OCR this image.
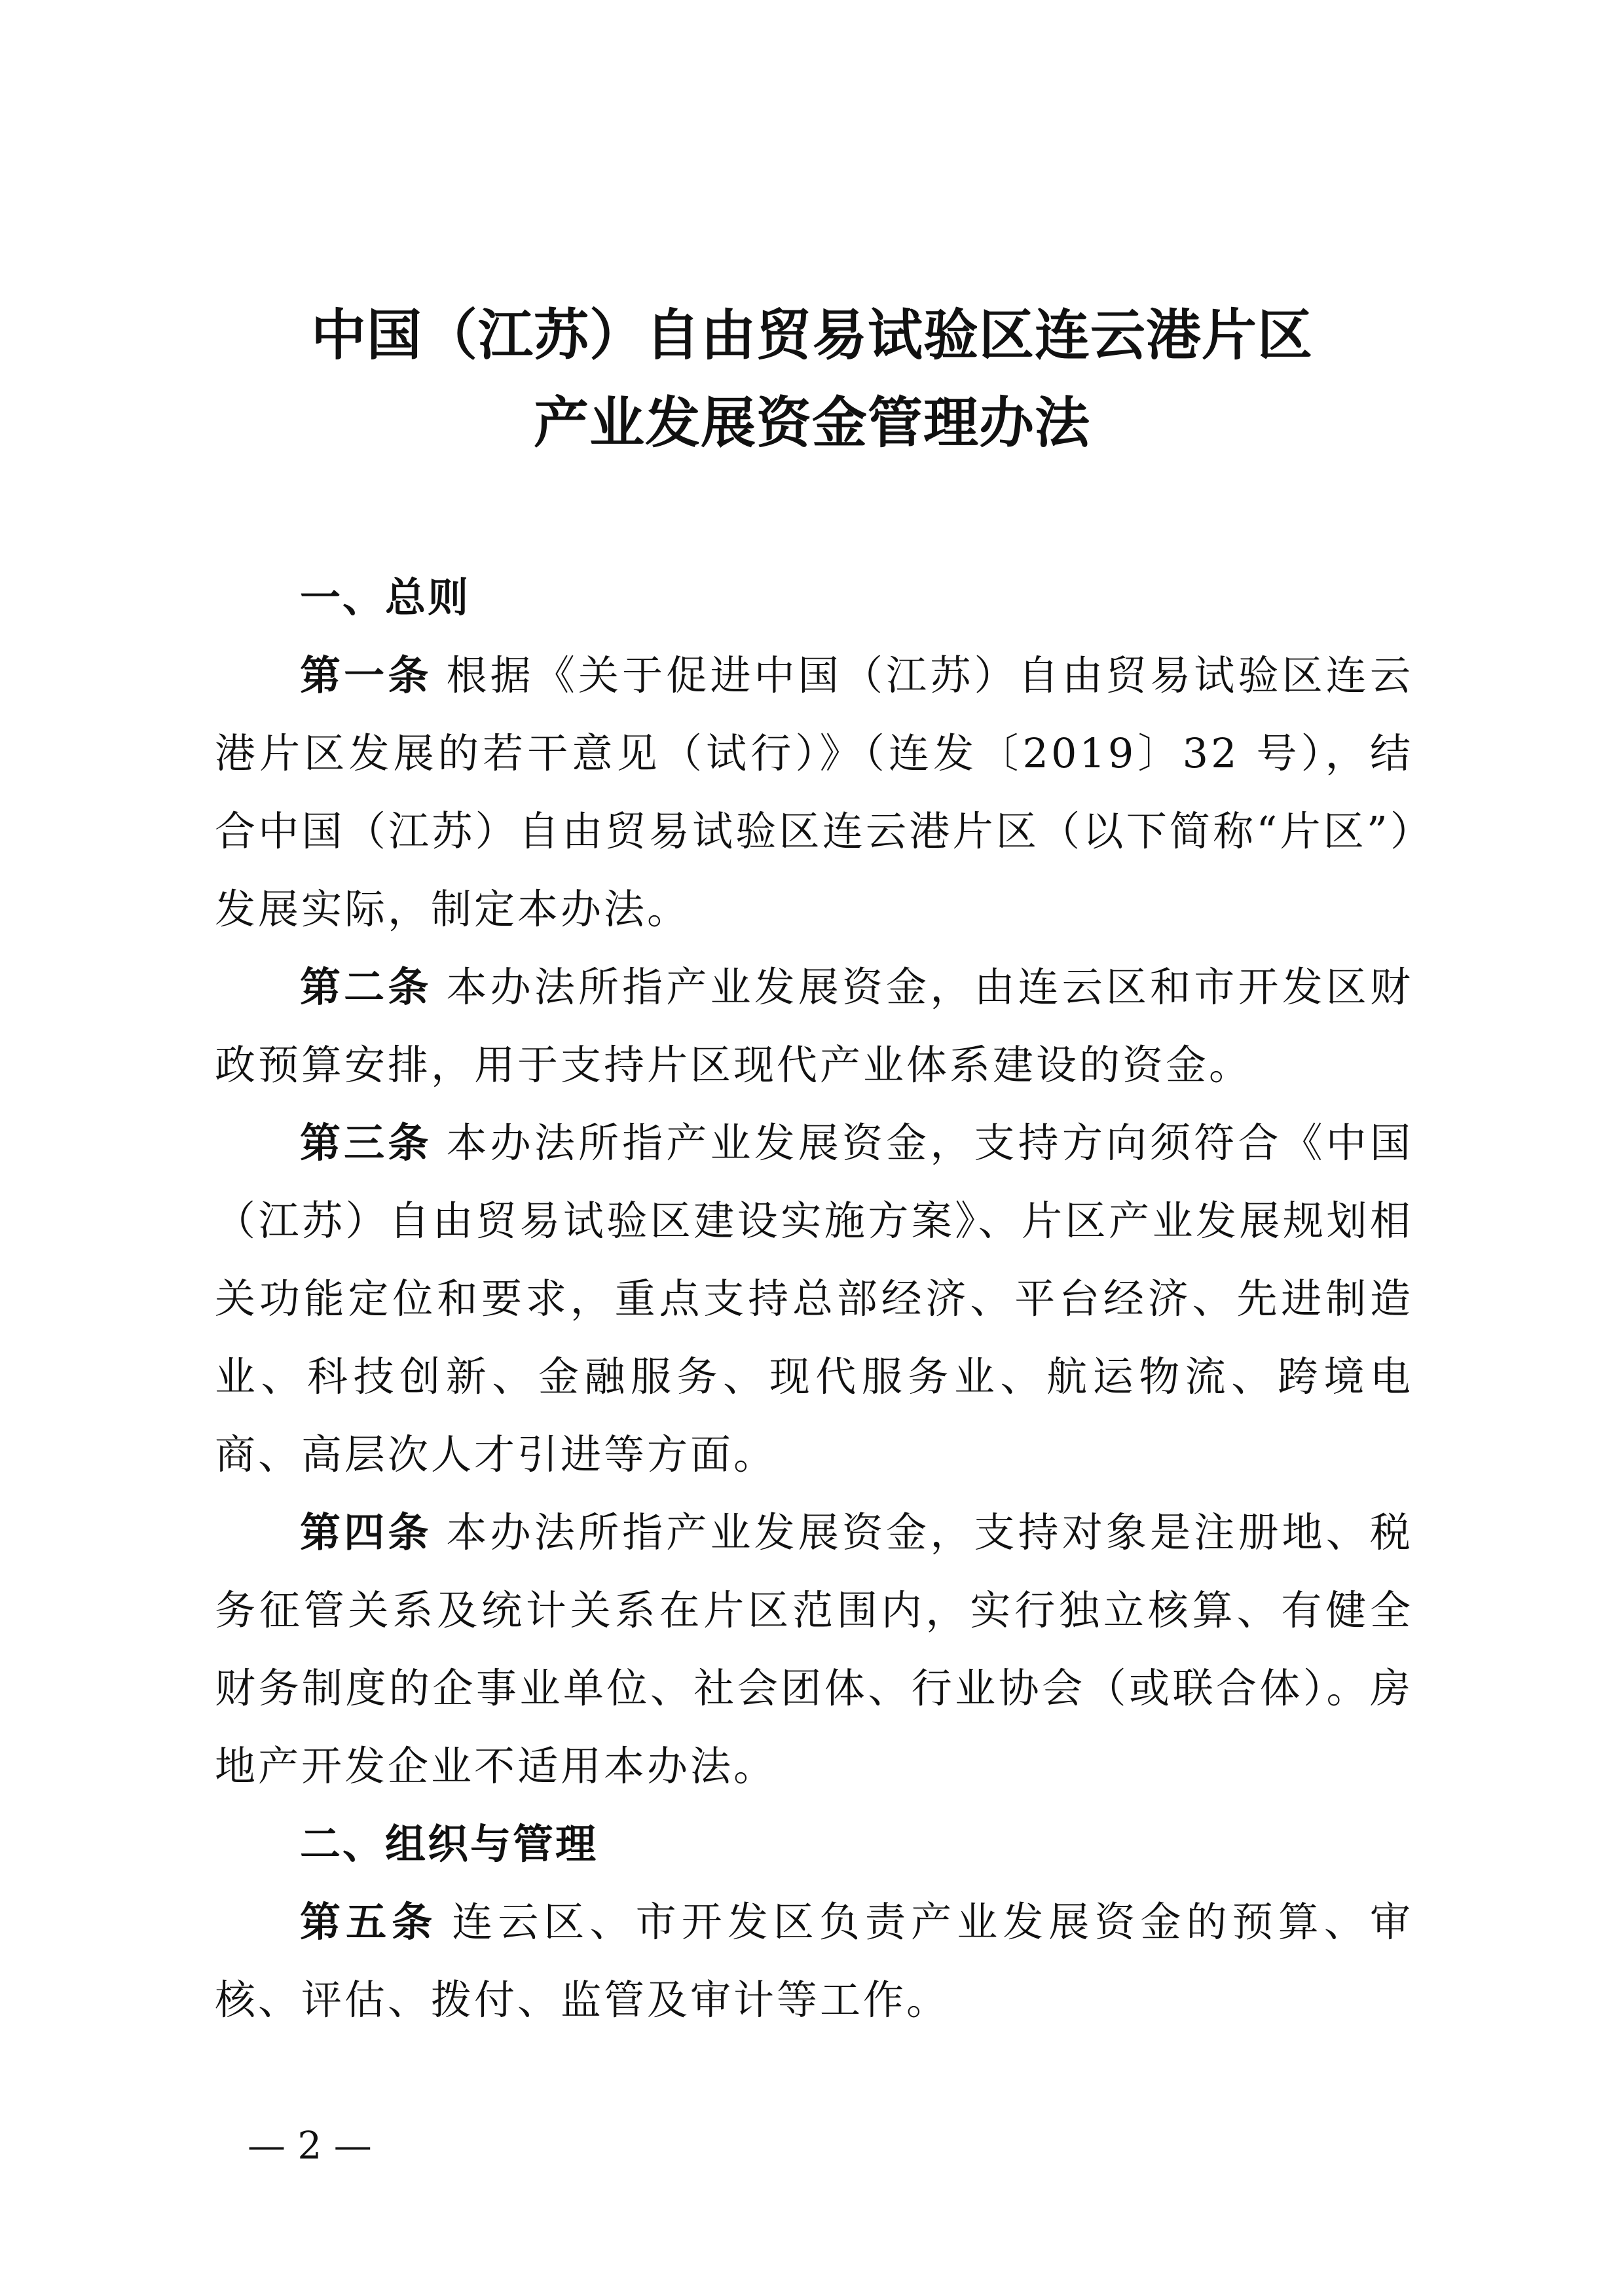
中国（江苏）自由贸易试验区连云港片区
产业发展资金管理办法

一、总则

第一条 根据《关于促进中国（江苏）自由贸易试验区连云港片区发展的若干意见（试行）》（连发〔2019〕32 号），结合中国（江苏）自由贸易试验区连云港片区（以下简称“片区”）发展实际，制定本办法。

第二条 本办法所指产业发展资金，由连云区和市开发区财政预算安排，用于支持片区现代产业体系建设的资金。

第三条 本办法所指产业发展资金，支持方向须符合《中国（江苏）自由贸易试验区建设实施方案》、片区产业发展规划相关功能定位和要求，重点支持总部经济、平台经济、先进制造业、科技创新、金融服务、现代服务业、航运物流、跨境电商、高层次人才引进等方面。

第四条 本办法所指产业发展资金，支持对象是注册地、税务征管关系及统计关系在片区范围内，实行独立核算、有健全财务制度的企事业单位、社会团体、行业协会（或联合体）。房地产开发企业不适用本办法。

二、组织与管理

第五条 连云区、市开发区负责产业发展资金的预算、审核、评估、拨付、监管及审计等工作。

— 2 —
